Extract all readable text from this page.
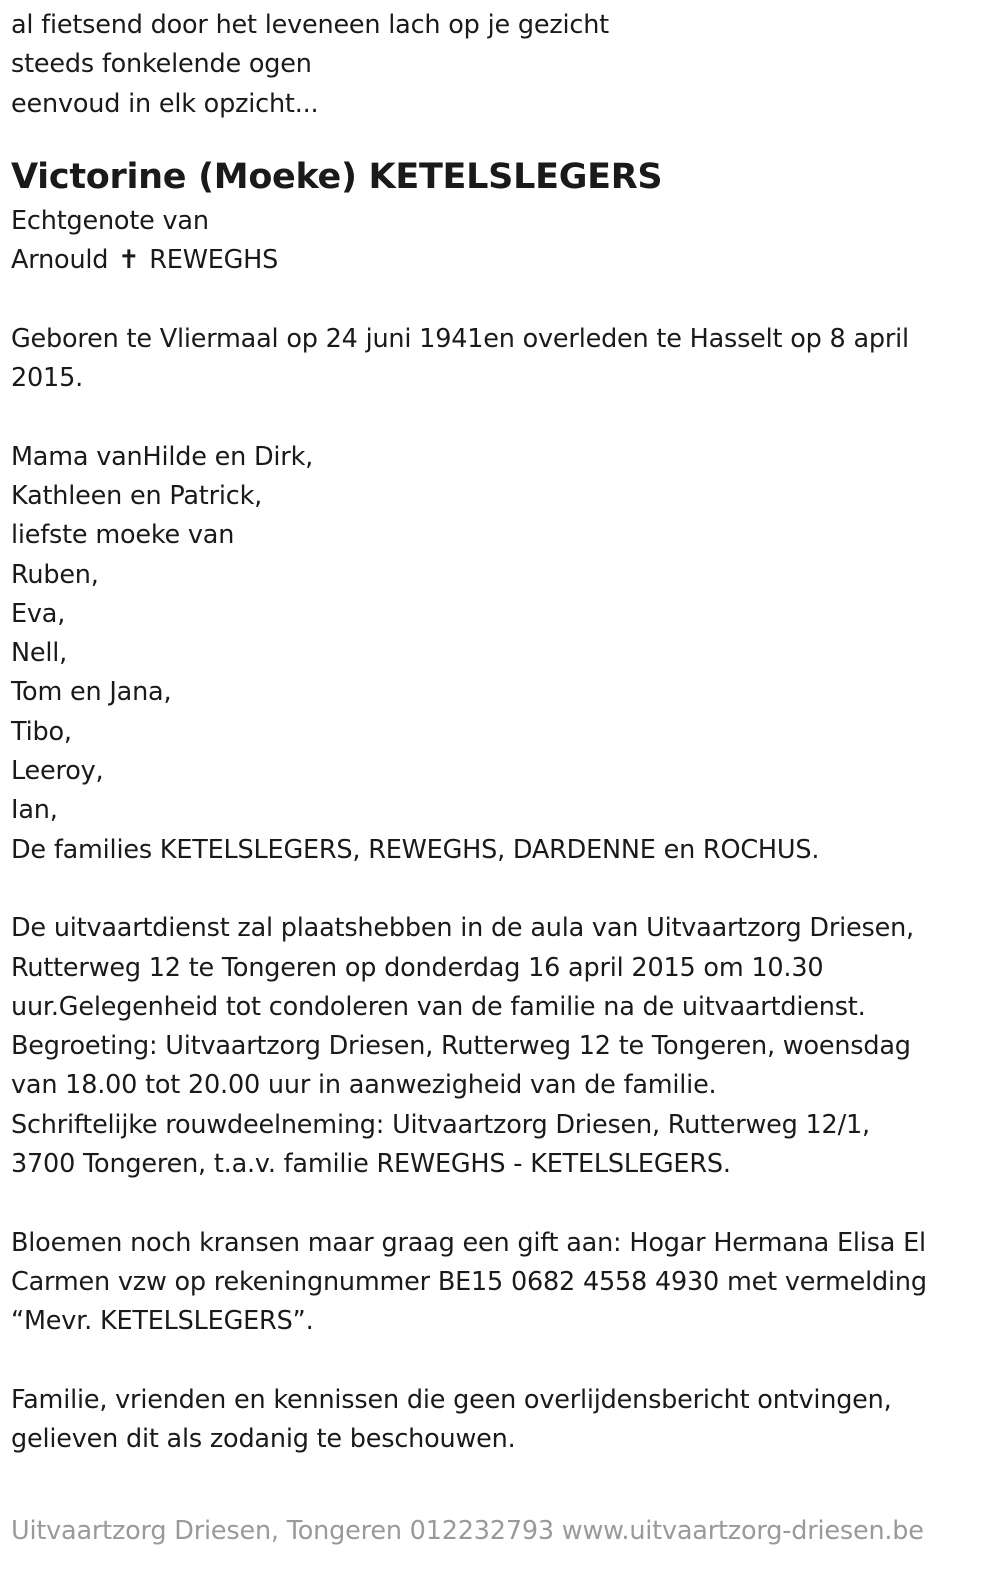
al fietsend door het leveneen lach op je gezicht
steeds fonkelende ogen
eenvoud in elk opzicht...
Victorine (Moeke) KETELSLEGERS
Echtgenote van
Arnould ✝ REWEGHS
Geboren te Vliermaal op 24 juni 1941en overleden te Hasselt op 8 april
2015.
Mama vanHilde en Dirk,
Kathleen en Patrick,
liefste moeke van
Ruben,
Eva,
Nell,
Tom en Jana,
Tibo,
Leeroy,
Ian,
De families KETELSLEGERS, REWEGHS, DARDENNE en ROCHUS.
De uitvaartdienst zal plaatshebben in de aula van Uitvaartzorg Driesen,
Rutterweg 12 te Tongeren op donderdag 16 april 2015 om 10.30
uur.Gelegenheid tot condoleren van de familie na de uitvaartdienst.
Begroeting: Uitvaartzorg Driesen, Rutterweg 12 te Tongeren, woensdag
van 18.00 tot 20.00 uur in aanwezigheid van de familie.
Schriftelijke rouwdeelneming: Uitvaartzorg Driesen, Rutterweg 12/1,
3700 Tongeren, t.a.v. familie REWEGHS - KETELSLEGERS.
Bloemen noch kransen maar graag een gift aan: Hogar Hermana Elisa El
Carmen vzw op rekeningnummer BE15 0682 4558 4930 met vermelding
“Mevr. KETELSLEGERS”.
Familie, vrienden en kennissen die geen overlijdensbericht ontvingen,
gelieven dit als zodanig te beschouwen.
Uitvaartzorg Driesen, Tongeren 012232793 www.uitvaartzorg-driesen.be
